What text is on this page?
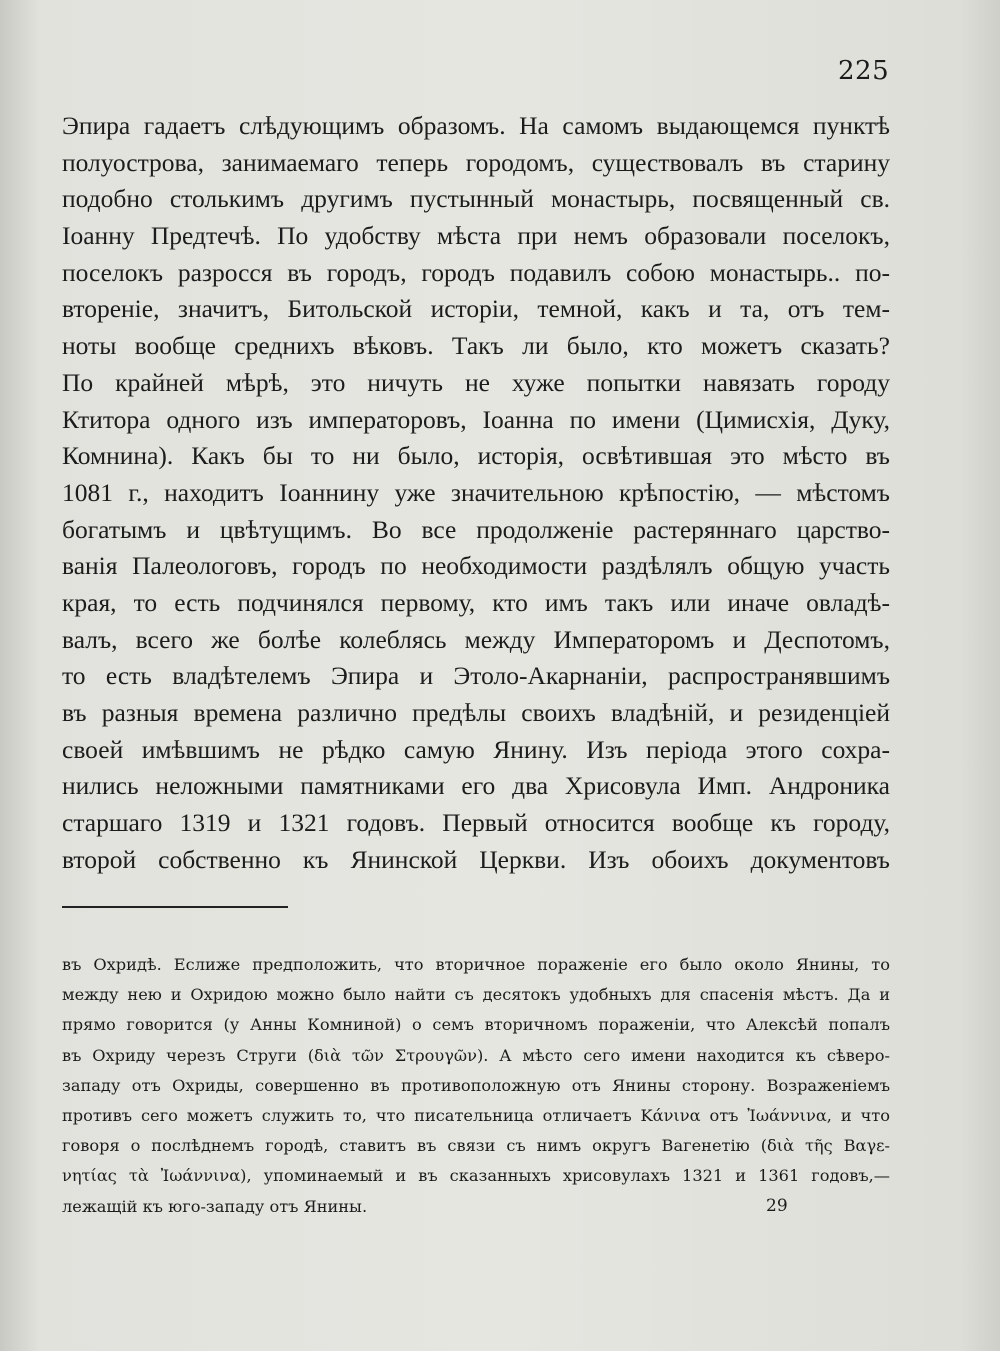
225
Эпира гадаетъ слѣдующимъ образомъ. На самомъ выдающемся пунктѣ
полуострова, занимаемаго теперь городомъ, существовалъ въ старину
подобно столькимъ другимъ пустынный монастырь, посвященный св.
Іоанну Предтечѣ. По удобству мѣста при немъ образовали поселокъ,
поселокъ разросся въ городъ, городъ подавилъ собою монастырь.. по-
втореніе, значитъ, Битольской исторіи, темной, какъ и та, отъ тем-
ноты вообще среднихъ вѣковъ. Такъ ли было, кто можетъ сказать?
По крайней мѣрѣ, это ничуть не хуже попытки навязать городу
Ктитора одного изъ императоровъ, Іоанна по имени (Цимисхія, Дуку,
Комнина). Какъ бы то ни было, исторія, освѣтившая это мѣсто въ
1081 г., находитъ Іоаннину уже значительною крѣпостію, — мѣстомъ
богатымъ и цвѣтущимъ. Во все продолженіе растеряннаго царство-
ванія Палеологовъ, городъ по необходимости раздѣлялъ общую участь
края, то есть подчинялся первому, кто имъ такъ или иначе овладѣ-
валъ, всего же болѣе колеблясь между Императоромъ и Деспотомъ,
то есть владѣтелемъ Эпира и Этоло-Акарнаніи, распространявшимъ
въ разныя времена различно предѣлы своихъ владѣній, и резиденціей
своей имѣвшимъ не рѣдко самую Янину. Изъ періода этого сохра-
нились неложными памятниками его два Хрисовула Имп. Андроника
старшаго 1319 и 1321 годовъ. Первый относится вообще къ городу,
второй собственно къ Янинской Церкви. Изъ обоихъ документовъ
въ Охридѣ. Еслиже предположить, что вторичное пораженіе его было около Янины, то
между нею и Охридою можно было найти съ десятокъ удобныхъ для спасенія мѣстъ. Да и
прямо говорится (у Анны Комниной) о семъ вторичномъ пораженіи, что Алексѣй попалъ
въ Охриду черезъ Струги (διὰ τῶν Στρουγῶν). А мѣсто сего имени находится къ сѣверо-
западу отъ Охриды, совершенно въ противоположную отъ Янины сторону. Возраженіемъ
противъ сего можетъ служить то, что писательница отличаетъ Κάνινα отъ Ἰωάννινα, и что
говоря о послѣднемъ городѣ, ставитъ въ связи съ нимъ округъ Вагенетію (διὰ τῆς Βαγε-
νητίας τὰ Ἰωάννινα), упоминаемый и въ сказанныхъ хрисовулахъ 1321 и 1361 годовъ,—
лежащій къ юго-западу отъ Янины.	29
